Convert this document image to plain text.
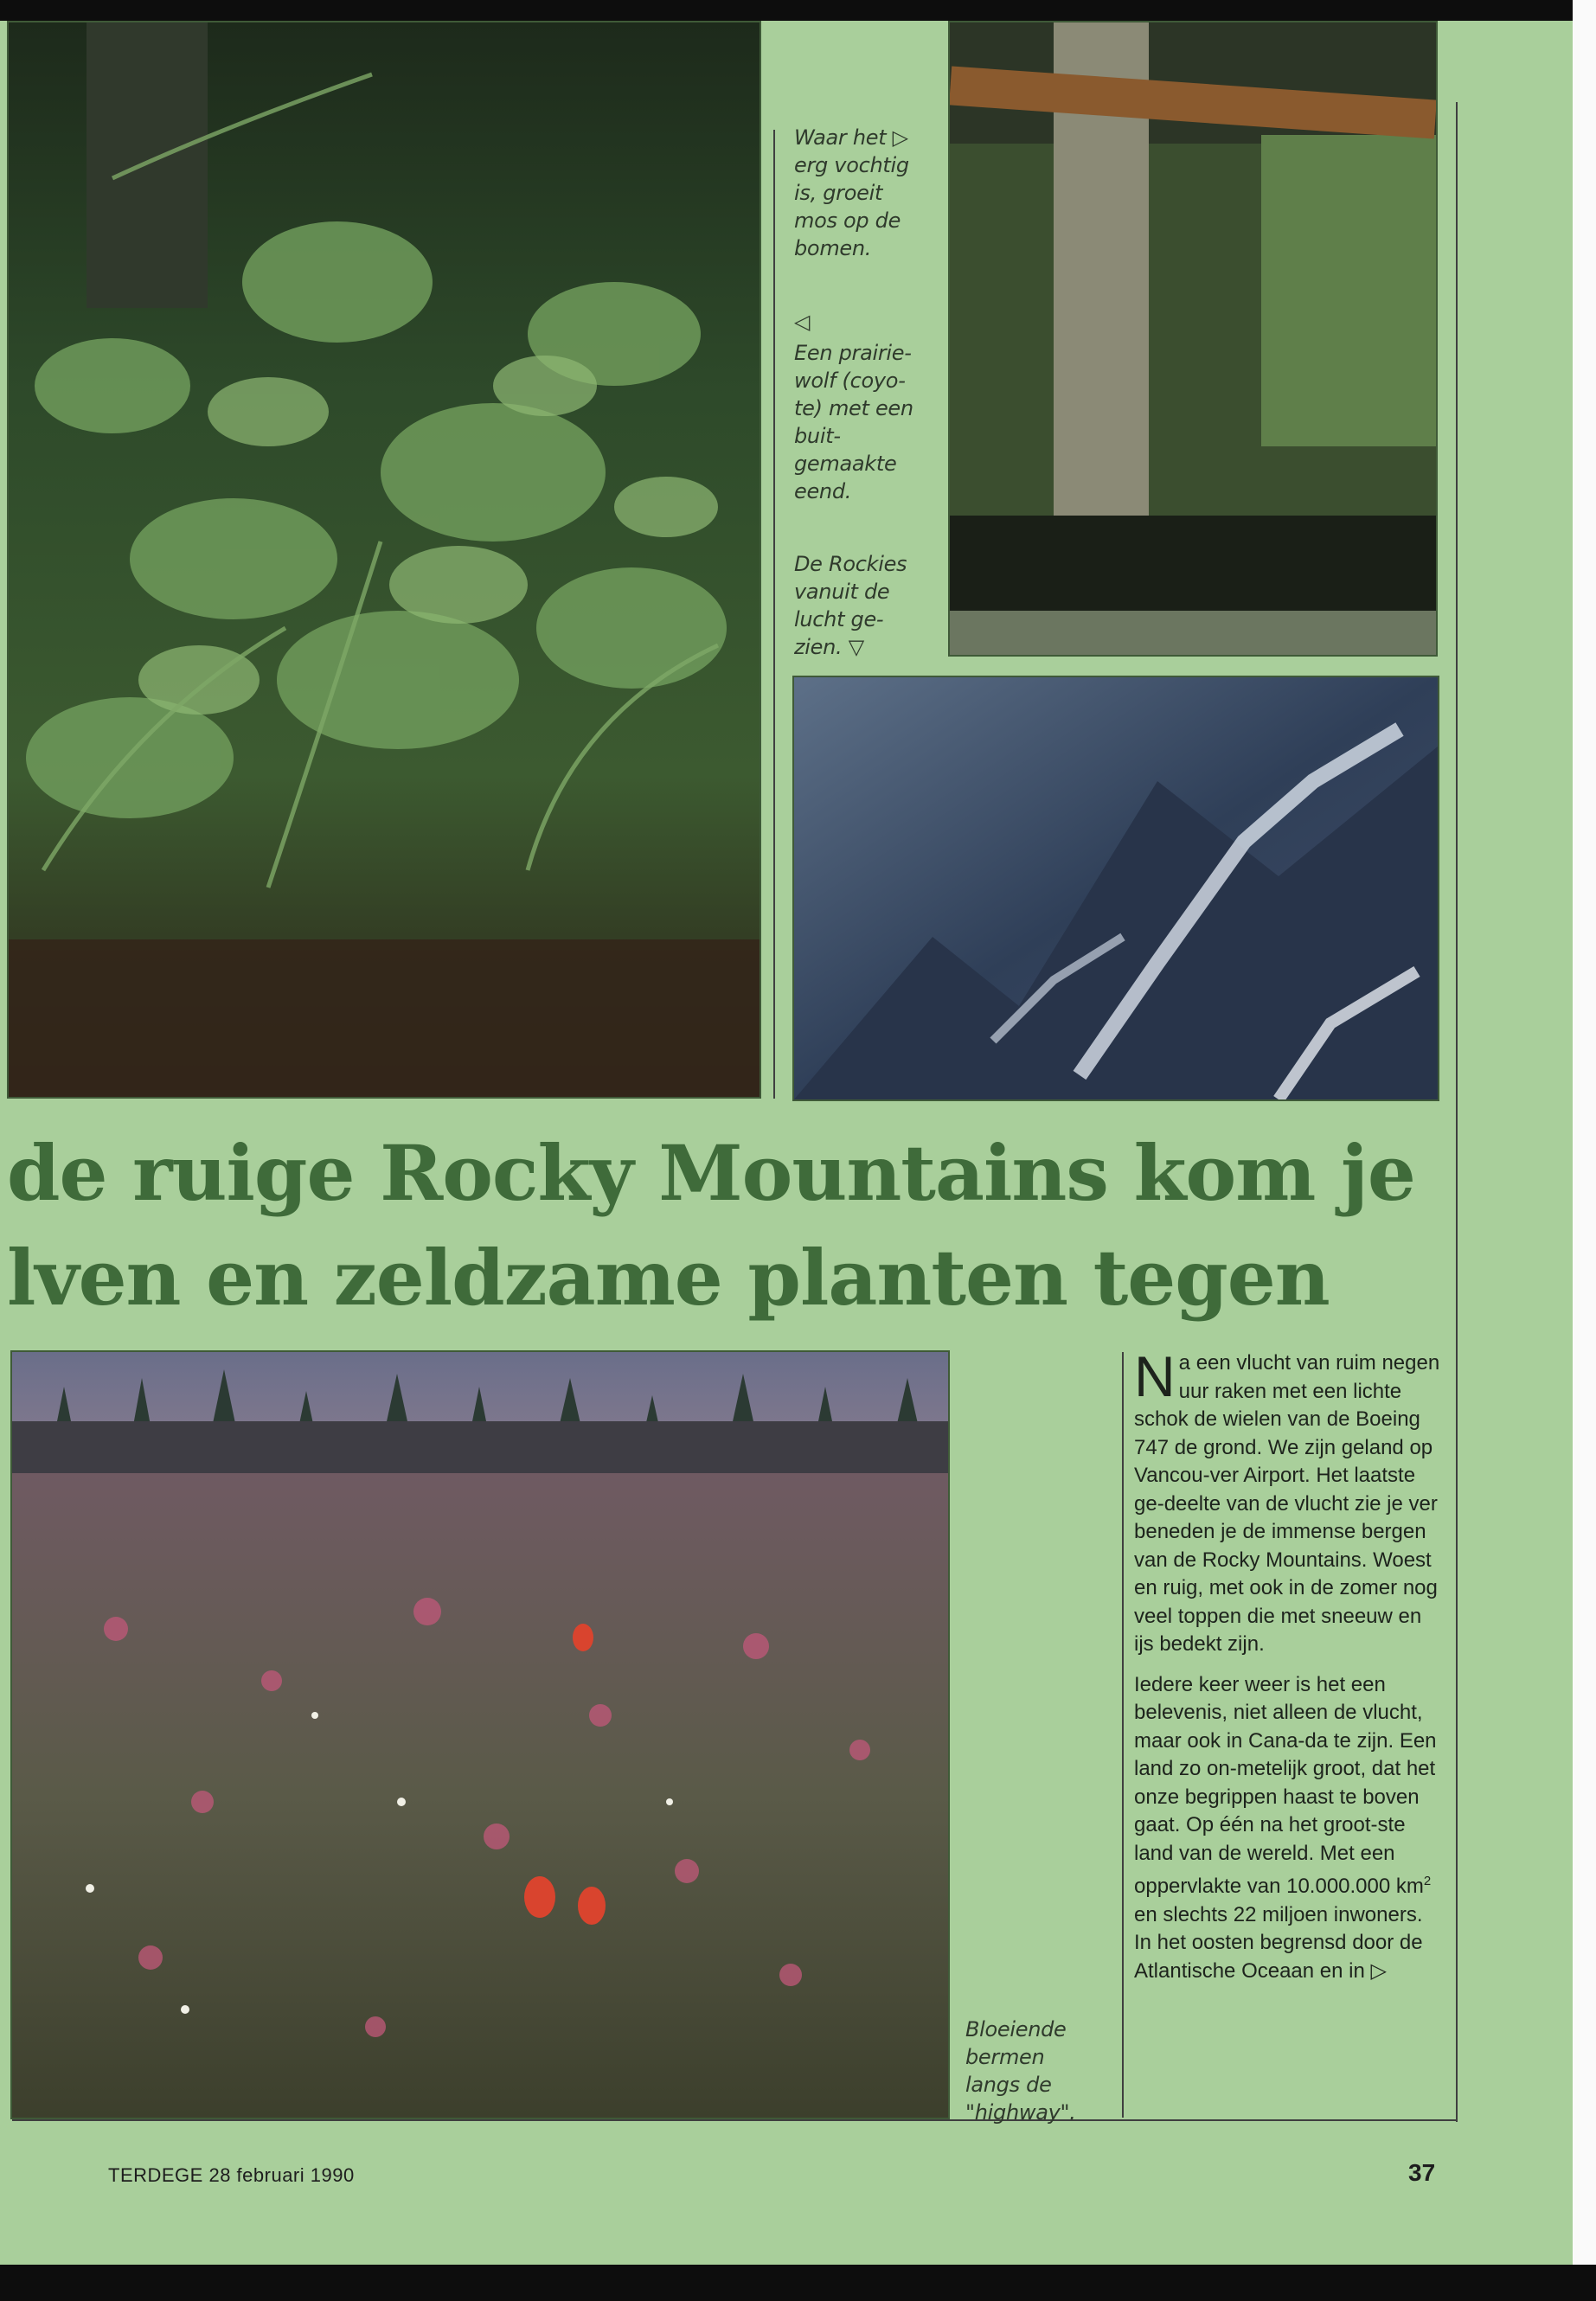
Waar het ▷
erg vochtig
is, groeit
mos op de
bomen.
◁
Een prairie-
wolf (coyo-
te) met een
buit-
gemaakte
eend.
De Rockies
vanuit de
lucht ge-
zien. ▽
Bloeiende
bermen
langs de
"highway".
de ruige Rocky Mountains kom je
lven en zeldzame planten tegen

Na een vlucht van ruim negen uur raken met een lichte schok de wielen van de Boeing 747 de grond. We zijn geland op Vancou-ver Airport. Het laatste ge-deelte van de vlucht zie je ver beneden je de immense bergen van de Rocky Mountains. Woest en ruig, met ook in de zomer nog veel toppen die met sneeuw en ijs bedekt zijn.

Iedere keer weer is het een belevenis, niet alleen de vlucht, maar ook in Cana-da te zijn. Een land zo on-metelijk groot, dat het onze begrippen haast te boven gaat. Op één na het groot-ste land van de wereld. Met een oppervlakte van 10.000.000 $km^2$ en slechts 22 miljoen inwoners. In het oosten begrensd door de Atlantische Oceaan en in ▷

TERDEGE 28 februari 1990	37
